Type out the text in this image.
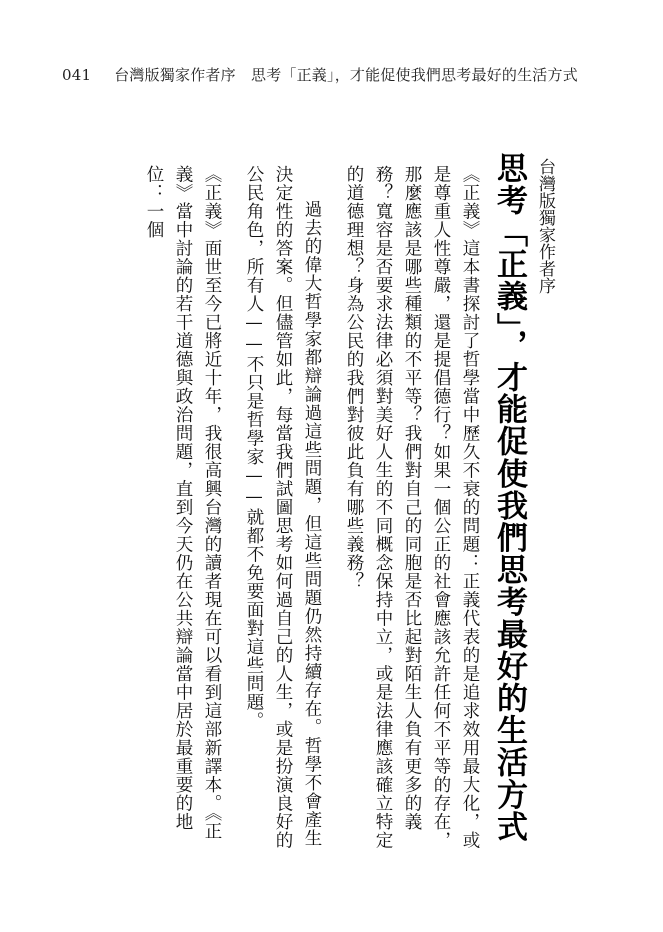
041 台灣版獨家作者序　思考「正義」，才能促使我們思考最好的生活方式
台灣版獨家作者序
思考「正義」，才能促使我們思考最好的生活方式

《正義》這本書探討了哲學當中歷久不衰的問題：正義代表的是追求效用最大化，或是尊重人性尊嚴，還是提倡德行？如果一個公正的社會應該允許任何不平等的存在，那麼應該是哪些種類的不平等？我們對自己的同胞是否比起對陌生人負有更多的義務？寬容是否要求法律必須對美好人生的不同概念保持中立，或是法律應該確立特定的道德理想？身為公民的我們對彼此負有哪些義務？

過去的偉大哲學家都辯論過這些問題，但這些問題仍然持續存在。哲學不會產生決定性的答案。但儘管如此，每當我們試圖思考如何過自己的人生，或是扮演良好的公民角色，所有人——不只是哲學家——就都不免要面對這些問題。

《正義》面世至今已將近十年，我很高興台灣的讀者現在可以看到這部新譯本。《正義》當中討論的若干道德與政治問題，直到今天仍在公共辯論當中居於最重要的地位：一個
